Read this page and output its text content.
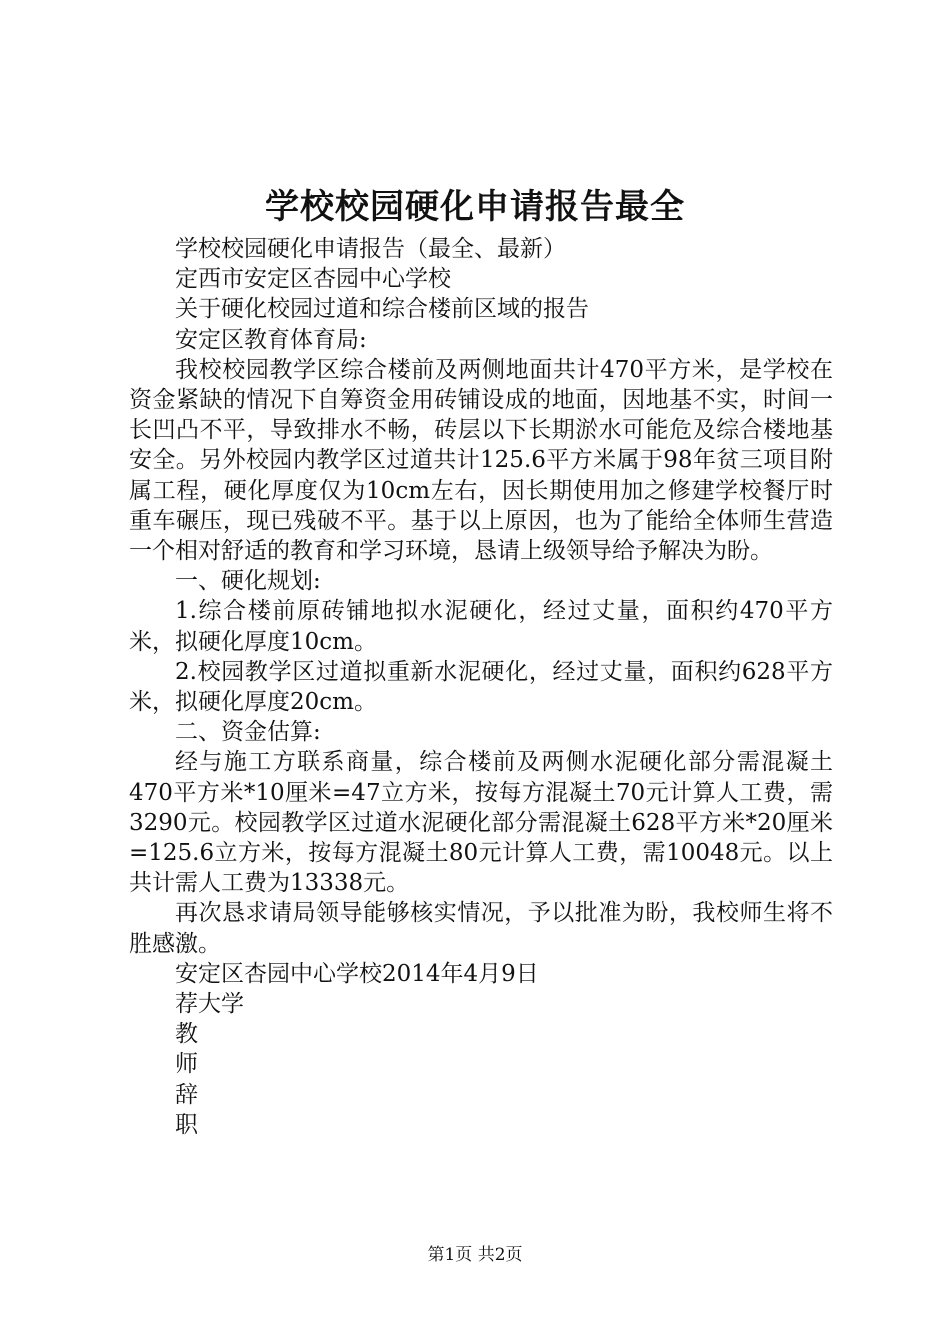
学校校园硬化申请报告最全

学校校园硬化申请报告（最全、最新）

定西市安定区杏园中心学校

关于硬化校园过道和综合楼前区域的报告

安定区教育体育局:

我校校园教学区综合楼前及两侧地面共计470平方米，是学校在资金紧缺的情况下自筹资金用砖铺设成的地面，因地基不实，时间一长凹凸不平，导致排水不畅，砖层以下长期淤水可能危及综合楼地基安全。另外校园内教学区过道共计125.6平方米属于98年贫三项目附属工程，硬化厚度仅为10cm左右，因长期使用加之修建学校餐厅时重车碾压，现已残破不平。基于以上原因，也为了能给全体师生营造一个相对舒适的教育和学习环境，恳请上级领导给予解决为盼。

一、硬化规划:

1.综合楼前原砖铺地拟水泥硬化，经过丈量，面积约470平方米，拟硬化厚度10cm。

2.校园教学区过道拟重新水泥硬化，经过丈量，面积约628平方米，拟硬化厚度20cm。

二、资金估算:

经与施工方联系商量，综合楼前及两侧水泥硬化部分需混凝土470平方米*10厘米=47立方米，按每方混凝土70元计算人工费，需3290元。校园教学区过道水泥硬化部分需混凝土628平方米*20厘米=125.6立方米，按每方混凝土80元计算人工费，需10048元。以上共计需人工费为13338元。

再次恳求请局领导能够核实情况，予以批准为盼，我校师生将不胜感激。

安定区杏园中心学校2014年4月9日

荐大学

教

师

辞

职

第1页 共2页
